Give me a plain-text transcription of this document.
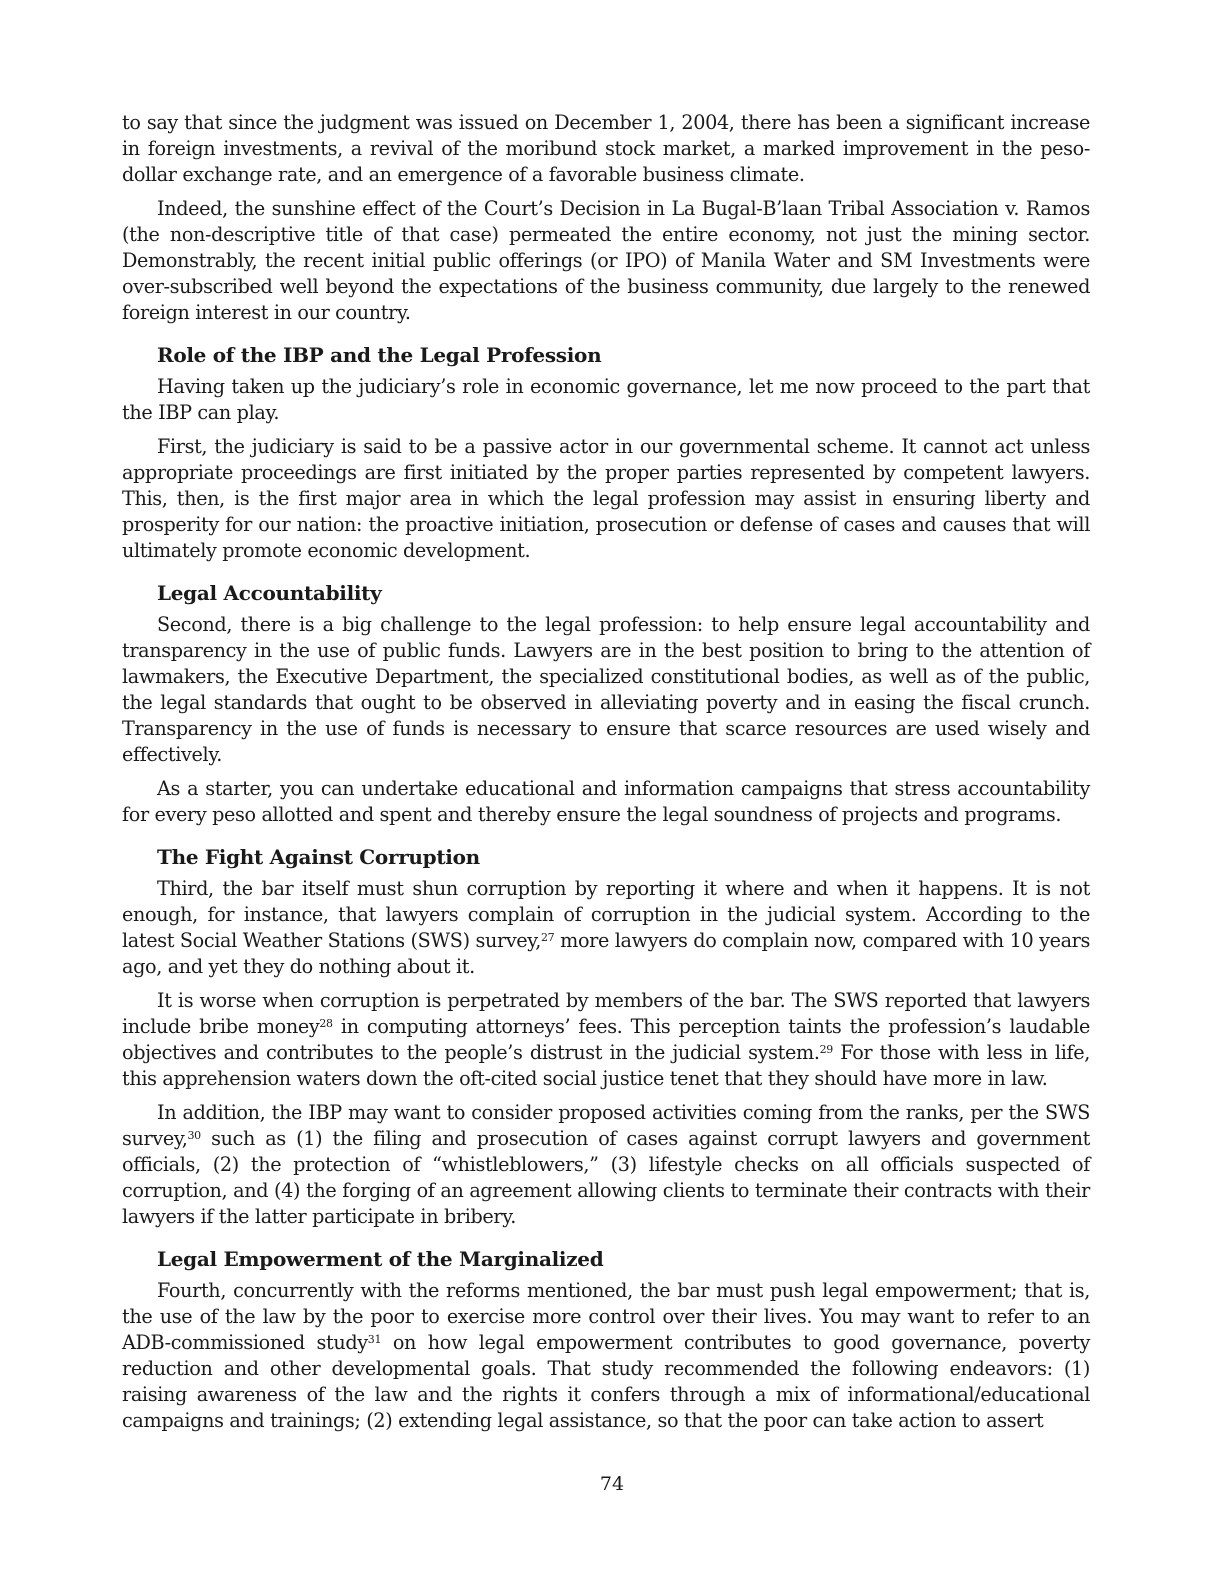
to say that since the judgment was issued on December 1, 2004, there has been a significant increase in foreign investments, a revival of the moribund stock market, a marked improvement in the peso-dollar exchange rate, and an emergence of a favorable business climate.

Indeed, the sunshine effect of the Court’s Decision in La Bugal-B’laan Tribal Association v. Ramos (the non-descriptive title of that case) permeated the entire economy, not just the mining sector. Demonstrably, the recent initial public offerings (or IPO) of Manila Water and SM Investments were over-subscribed well beyond the expectations of the business community, due largely to the renewed foreign interest in our country.

Role of the IBP and the Legal Profession

Having taken up the judiciary’s role in economic governance, let me now proceed to the part that the IBP can play.

First, the judiciary is said to be a passive actor in our governmental scheme. It cannot act unless appropriate proceedings are first initiated by the proper parties represented by competent lawyers. This, then, is the first major area in which the legal profession may assist in ensuring liberty and prosperity for our nation: the proactive initiation, prosecution or defense of cases and causes that will ultimately promote economic development.

Legal Accountability

Second, there is a big challenge to the legal profession: to help ensure legal accountability and transparency in the use of public funds. Lawyers are in the best position to bring to the attention of lawmakers, the Executive Department, the specialized constitutional bodies, as well as of the public, the legal standards that ought to be observed in alleviating poverty and in easing the fiscal crunch. Transparency in the use of funds is necessary to ensure that scarce resources are used wisely and effectively.

As a starter, you can undertake educational and information campaigns that stress accountability for every peso allotted and spent and thereby ensure the legal soundness of projects and programs.

The Fight Against Corruption

Third, the bar itself must shun corruption by reporting it where and when it happens. It is not enough, for instance, that lawyers complain of corruption in the judicial system. According to the latest Social Weather Stations (SWS) survey,$^{27}$ more lawyers do complain now, compared with 10 years ago, and yet they do nothing about it.

It is worse when corruption is perpetrated by members of the bar. The SWS reported that lawyers include bribe money$^{28}$ in computing attorneys’ fees. This perception taints the profession’s laudable objectives and contributes to the people’s distrust in the judicial system.$^{29}$ For those with less in life, this apprehension waters down the oft-cited social justice tenet that they should have more in law.

In addition, the IBP may want to consider proposed activities coming from the ranks, per the SWS survey,$^{30}$ such as (1) the filing and prosecution of cases against corrupt lawyers and government officials, (2) the protection of “whistleblowers,” (3) lifestyle checks on all officials suspected of corruption, and (4) the forging of an agreement allowing clients to terminate their contracts with their lawyers if the latter participate in bribery.

Legal Empowerment of the Marginalized

Fourth, concurrently with the reforms mentioned, the bar must push legal empowerment; that is, the use of the law by the poor to exercise more control over their lives. You may want to refer to an ADB-commissioned study$^{31}$ on how legal empowerment contributes to good governance, poverty reduction and other developmental goals. That study recommended the following endeavors: (1) raising awareness of the law and the rights it confers through a mix of informational/educational campaigns and trainings; (2) extending legal assistance, so that the poor can take action to assert

74
